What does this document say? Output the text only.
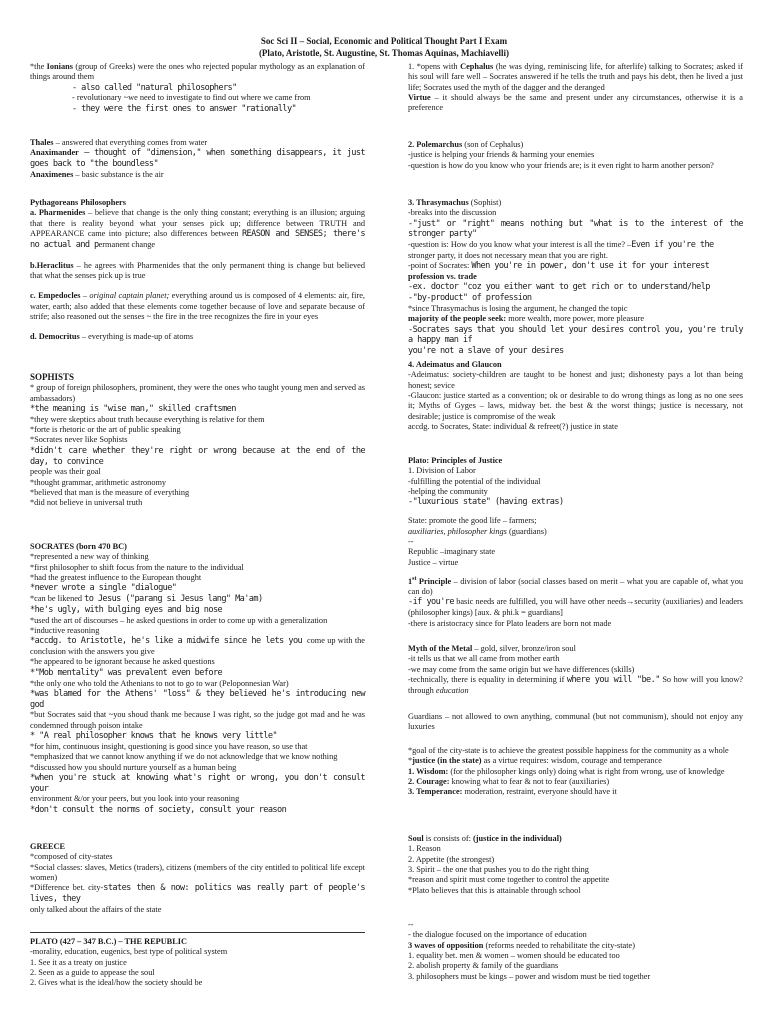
Soc Sci II – Social, Economic and Political Thought Part I Exam
(Plato, Aristotle, St. Augustine, St. Thomas Aquinas, Machiavelli)

*the Ionians (group of Greeks) were the ones who rejected popular mythology as an explanation of things around them

- also called "natural philosophers"

- revolutionary ~we need to investigate to find out where we came from

- they were the first ones to answer "rationally"

Thales – answered that everything comes from water

Anaximander – thought of "dimension," when something disappears, it just goes back to "the boundless"

Anaximenes – basic substance is the air

Pythagoreans Philosophers

a. Pharmenides – believe that change is the only thing constant; everything is an illusion; arguing that there is reality beyond what your senses pick up; difference between TRUTH and APPEARANCE came into picture; also differences between REASON and SENSES; there's no actual and permanent change

b.Heraclitus – he agrees with Pharmenides that the only permanent thing is change but believed that what the senses pick up is true

c. Empedocles – original captain planet; everything around us is composed of 4 elements: air, fire, water, earth; also added that these elements come together because of love and separate because of strife; also reasoned out the senses ~ the fire in the tree recognizes the fire in your eyes

d. Democritus – everything is made-up of atoms

SOPHISTS

* group of foreign philosophers, prominent, they were the ones who taught young men and served as ambassadors)

*the meaning is "wise man," skilled craftsmen

*they were skeptics about truth because everything is relative for them

*forte is rhetoric or the art of public speaking

*Socrates never like Sophists

*didn't care whether they're right or wrong because at the end of the day, to convince

people was their goal

*thought grammar, arithmetic astronomy

*believed that man is the measure of everything

*did not believe in universal truth

SOCRATES (born 470 BC)

*represented a new way of thinking

*first philosopher to shift focus from the nature to the individual

*had the greatest influence to the European thought

*never wrote a single "dialogue"

*can be likened to Jesus ("parang si Jesus lang" Ma'am)

*he's ugly, with bulging eyes and big nose

*used the art of discourses – he asked questions in order to come up with a generalization

*inductive reasoning

*accdg. to Aristotle, he's like a midwife since he lets you come up with the conclusion with the answers you give

*he appeared to be ignorant because he asked questions

*"Mob mentality" was prevalent even before

*the only one who told the Athenians to not to go to war (Peloponnesian War)

*was blamed for the Athens' "loss" & they believed he's introducing new god

*but Socrates said that ~you shoud thank me because I was right, so the judge got mad and he was condemned through poison intake

* "A real philosopher knows that he knows very little"

*for him, continuous insight, questioning is good since you have reason, so use that

*emphasized that we cannot know anything if we do not acknowledge that we know nothing

*discussed how you should nurture yourself as a human being

*when you're stuck at knowing what's right or wrong, you don't consult your

environment &/or your peers, but you look into your reasoning

*don't consult the norms of society, consult your reason

GREECE

*composed of city-states

*Social classes: slaves, Metics (traders), citizens (members of the city entitled to political life except women)

*Difference bet. city-states then & now: politics was really part of people's lives, they

only talked about the affairs of the state

PLATO (427 – 347 B.C.) – THE REPUBLIC

-morality, education, eugenics, best type of political system

1. See it as a treaty on justice

2. Seen as a guide to appease the soul

2. Gives what is the ideal/how the society should be

1. *opens with Cephalus (he was dying, reminiscing life, for afterlife) talking to Socrates; asked if his soul will fare well – Socrates answered if he tells the truth and pays his debt, then he lived a just life; Socrates used the myth of the dagger and the deranged

Virtue – it should always be the same and present under any circumstances, otherwise it is a preference

2. Polemarchus (son of Cephalus)

-justice is helping your friends & harming your enemies

-question is how do you know who your friends are; is it even right to harm another person?

3. Thrasymachus (Sophist)

-breaks into the discussion

-"just" or "right" means nothing but "what is to the interest of the stronger party"

-question is: How do you know what your interest is all the time? –Even if you're the

stronger party, it does not necessary mean that you are right.

-point of Socrates: When you're in power, don't use it for your interest

profession vs. trade

-ex. doctor "coz you either want to get rich or to understand/help

-"by-product" of profession

*since Thrasymachus is losing the argument, he changed the topic

majority of the people seek: more wealth, more power, more pleasure

-Socrates says that you should let your desires control you, you're truly a happy man if

you're not a slave of your desires

4. Adeimatus and Glaucon

-Adeimatus: society-children are taught to be honest and just; dishonesty pays a lot than being honest; sevice

-Glaucon: justice started as a convention; ok or desirable to do wrong things as long as no one sees it; Myths of Gyges – laws, midway bet. the best & the worst things; justice is necessary, not desirable; justice is compromise of the weak

accdg. to Socrates, State: individual & refreet(?) justice in state

Plato: Principles of Justice

1. Division of Labor

-fulfilling the potential of the individual

-helping the community

-"luxurious state" (having extras)

State: promote the good life – farmers;

auxiliaries, philosopher kings (guardians)

--

Republic –imaginary state

Justice – virtue

1st Principle – division of labor (social classes based on merit – what you are capable of, what you can do)

-if you're basic needs are fulfilled, you will have other needs→security (auxiliaries) and leaders (philosopher kings) [aux. & phi.k = guardians]

-there is aristocracy since for Plato leaders are born not made

Myth of the Metal – gold, silver, bronze/iron soul

-it tells us that we all came from mother earth

-we may come from the same origin but we have differences (skills)

-technically, there is equality in determining if where you will "be." So how will you know? through education

Guardians – not allowed to own anything, communal (but not communism), should not enjoy any luxuries

*goal of the city-state is to achieve the greatest possible happiness for the community as a whole

*justice (in the state) as a virtue requires: wisdom, courage and temperance

1. Wisdom: (for the philosopher kings only) doing what is right from wrong, use of knowledge

2. Courage: knowing what to fear & not to fear (auxiliaries)

3. Temperance: moderation, restraint, everyone should have it

Soul is consists of: (justice in the individual)

1. Reason

2. Appetite (the strongest)

3. Spirit – the one that pushes you to do the right thing

*reason and spirit must come together to control the appetite

*Plato believes that this is attainable through school

--

- the dialogue focused on the importance of education

3 waves of opposition (reforms needed to rehabilitate the city-state)

1. equality bet. men & women – women should be educated too

2. abolish property & family of the guardians

3. philosophers must be kings – power and wisdom must be tied together
